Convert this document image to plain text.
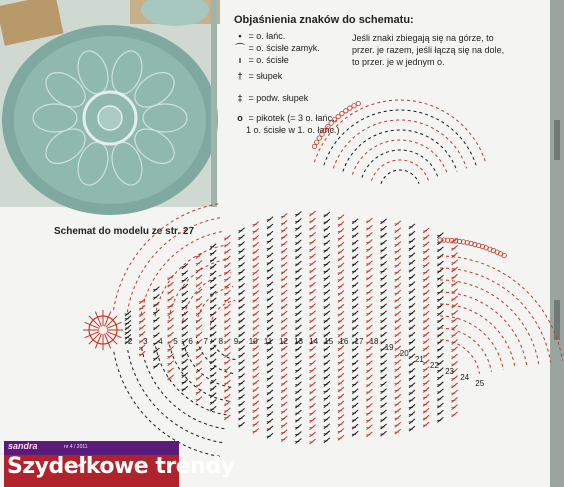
Objaśnienia znaków do schematu:
• = o. łańc.
⌒ = o. ścisłe zamyk.
ı = o. ścisłe
† = słupek
‡ = podw. słupek
o = pikotek (= 3 o. łańc.,
1 o. ścisłe w 1. o. łańc.)
Jeśli znaki zbiegają się na górze, to
przer. je razem, jeśli łączą się na dole,
to przer. je w jednym o.
Schemat do modelu ze str. 27
2 3 4 5 6 7 8 9 10 11 12 13 14 15 16 17 18
19
20
21
22
23
24
25
sandra	nr 4 / 2011
Szydełkowe trendy
